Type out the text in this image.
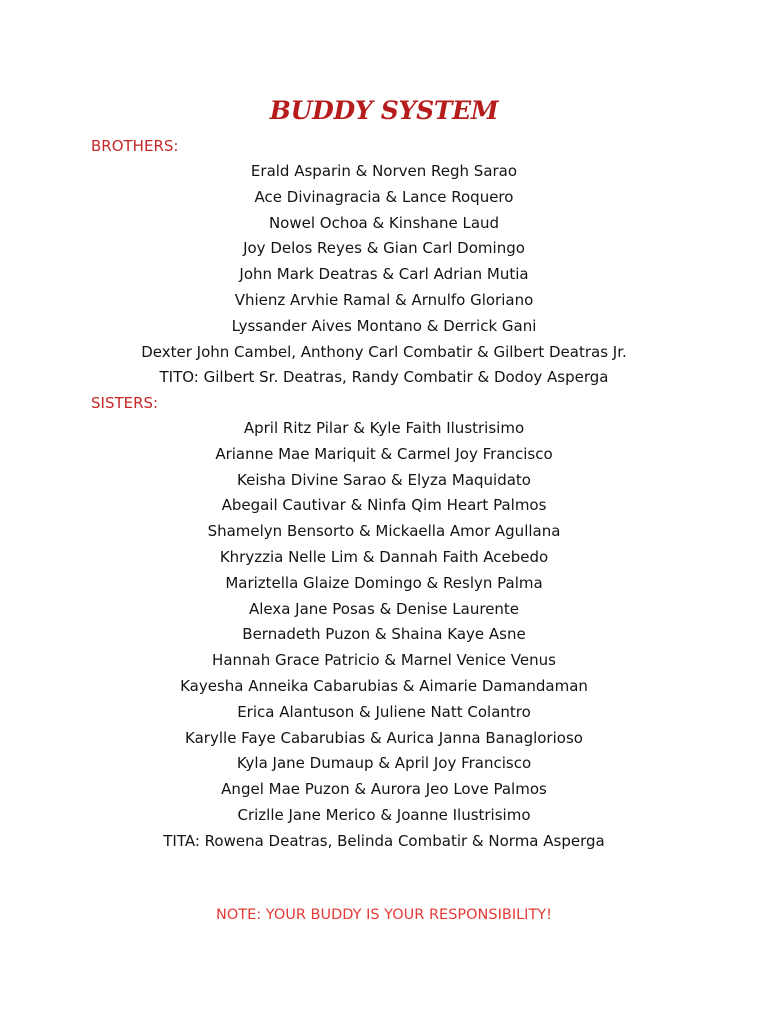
BUDDY SYSTEM
BROTHERS:
Erald Asparin & Norven Regh Sarao
Ace Divinagracia & Lance Roquero
Nowel Ochoa & Kinshane Laud
Joy Delos Reyes & Gian Carl Domingo
John Mark Deatras & Carl Adrian Mutia
Vhienz Arvhie Ramal & Arnulfo Gloriano
Lyssander Aives Montano & Derrick Gani
Dexter John Cambel, Anthony Carl Combatir & Gilbert Deatras Jr.
TITO: Gilbert Sr. Deatras, Randy Combatir & Dodoy Asperga
SISTERS:
April Ritz Pilar & Kyle Faith Ilustrisimo
Arianne Mae Mariquit & Carmel Joy Francisco
Keisha Divine Sarao & Elyza Maquidato
Abegail Cautivar & Ninfa Qim Heart Palmos
Shamelyn Bensorto & Mickaella Amor Agullana
Khryzzia Nelle Lim & Dannah Faith Acebedo
Mariztella Glaize Domingo & Reslyn Palma
Alexa Jane Posas & Denise Laurente
Bernadeth Puzon & Shaina Kaye Asne
Hannah Grace Patricio & Marnel Venice Venus
Kayesha Anneika Cabarubias & Aimarie Damandaman
Erica Alantuson & Juliene Natt Colantro
Karylle Faye Cabarubias & Aurica Janna Banaglorioso
Kyla Jane Dumaup & April Joy Francisco
Angel Mae Puzon & Aurora Jeo Love Palmos
Crizlle Jane Merico & Joanne Ilustrisimo
TITA: Rowena Deatras, Belinda Combatir & Norma Asperga
NOTE: YOUR BUDDY IS YOUR RESPONSIBILITY!
